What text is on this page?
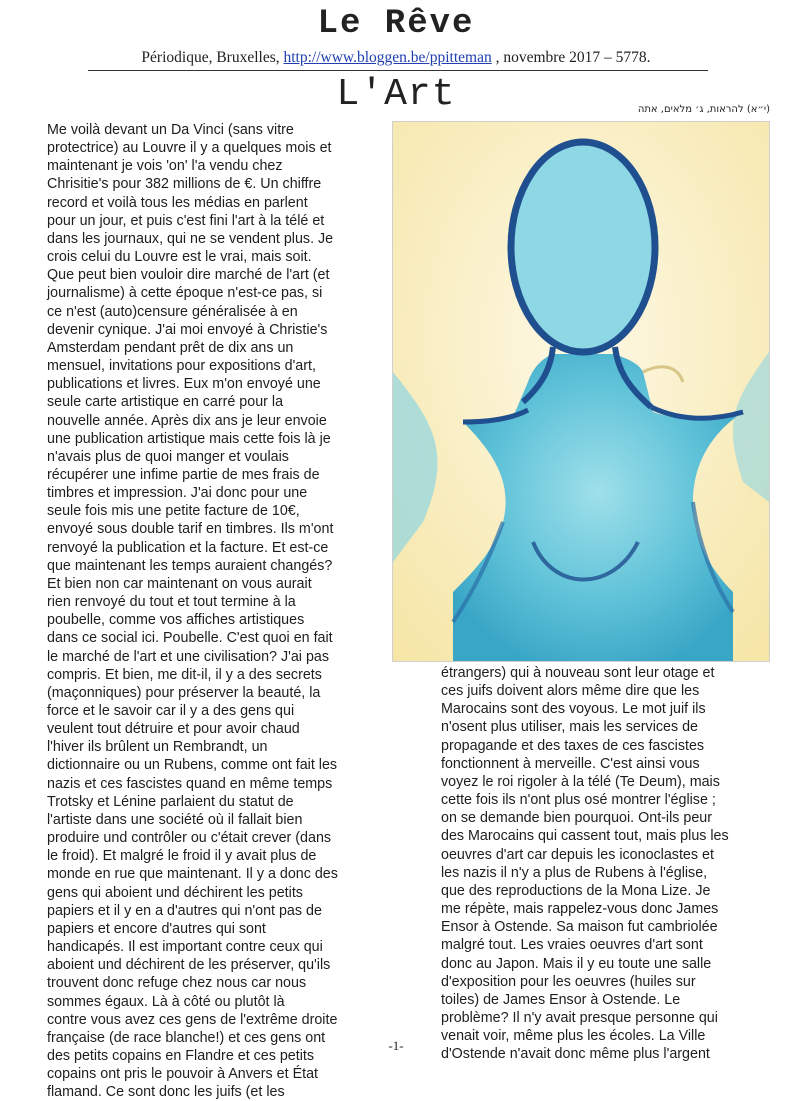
Le Rêve
Périodique, Bruxelles, http://www.bloggen.be/ppitteman , novembre 2017 – 5778.
L'Art	(י״א) להראות, ג׳ מלאים, אתה
Me voilà devant un Da Vinci (sans vitre
protectrice) au Louvre il y a quelques mois et
maintenant je vois 'on' l'a vendu chez
Chrisitie's pour 382 millions de €. Un chiffre
record et voilà tous les médias en parlent
pour un jour, et puis c'est fini l'art à la télé et
dans les journaux, qui ne se vendent plus. Je
crois celui du Louvre est le vrai, mais soit.
Que peut bien vouloir dire marché de l'art (et
journalisme) à cette époque n'est-ce pas, si
ce n'est (auto)censure généralisée à en
devenir cynique. J'ai moi envoyé à Christie's
Amsterdam pendant prêt de dix ans un
mensuel, invitations pour expositions d'art,
publications et livres. Eux m'on envoyé une
seule carte artistique en carré pour la
nouvelle année. Après dix ans je leur envoie
une publication artistique mais cette fois là je
n'avais plus de quoi manger et voulais
récupérer une infime partie de mes frais de
timbres et impression. J'ai donc pour une
seule fois mis une petite facture de 10€,
envoyé sous double tarif en timbres. Ils m'ont
renvoyé la publication et la facture. Et est-ce
que maintenant les temps auraient changés?
Et bien non car maintenant on vous aurait
rien renvoyé du tout et tout termine à la
poubelle, comme vos affiches artistiques
dans ce social ici. Poubelle. C'est quoi en fait
le marché de l'art et une civilisation? J'ai pas
compris. Et bien, me dit-il, il y a des secrets
(maçonniques) pour préserver la beauté, la
force et le savoir car il y a des gens qui
veulent tout détruire et pour avoir chaud
l'hiver ils brûlent un Rembrandt, un
dictionnaire ou un Rubens, comme ont fait les
nazis et ces fascistes quand en même temps
Trotsky et Lénine parlaient du statut de
l'artiste dans une société où il fallait bien
produire und contrôler ou c'était crever (dans
le froid). Et malgré le froid il y avait plus de
monde en rue que maintenant. Il y a donc des
gens qui aboient und déchirent les petits
papiers et il y en a d'autres qui n'ont pas de
papiers et encore d'autres qui sont
handicapés. Il est important contre ceux qui
aboient und déchirent de les préserver, qu'ils
trouvent donc refuge chez nous car nous
sommes égaux. Là à côté ou plutôt là
contre vous avez ces gens de l'extrême droite
française (de race blanche!) et ces gens ont
des petits copains en Flandre et ces petits
copains ont pris le pouvoir à Anvers et État
flamand. Ce sont donc les juifs (et les
étrangers) qui à nouveau sont leur otage et
ces juifs doivent alors même dire que les
Marocains sont des voyous. Le mot juif ils
n'osent plus utiliser, mais les services de
propagande et des taxes de ces fascistes
fonctionnent à merveille. C'est ainsi vous
voyez le roi rigoler à la télé (Te Deum), mais
cette fois ils n'ont plus osé montrer l'église ;
on se demande bien pourquoi. Ont-ils peur
des Marocains qui cassent tout, mais plus les
oeuvres d'art car depuis les iconoclastes et
les nazis il n'y a plus de Rubens à l'église,
que des reproductions de la Mona Lize. Je
me répète, mais rappelez-vous donc James
Ensor à Ostende. Sa maison fut cambriolée
malgré tout. Les vraies oeuvres d'art sont
donc au Japon. Mais il y eu toute une salle
d'exposition pour les oeuvres (huiles sur
toiles) de James Ensor à Ostende. Le
problème? Il n'y avait presque personne qui
venait voir, même plus les écoles. La Ville
d'Ostende n'avait donc même plus l'argent
-1-
